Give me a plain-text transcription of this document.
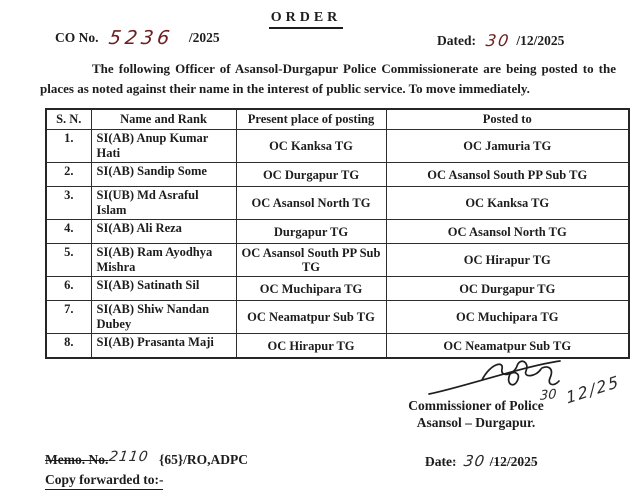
ORDER
CO No. 5236 /2025	Dated: 30 /12/2025
The following Officer of Asansol-Durgapur Police Commissionerate are being posted to the places as noted against their name in the interest of public service. To move immediately.
S. N.	Name and Rank	Present place of posting	Posted to
1.	SI(AB) Anup Kumar Hati	OC Kanksa TG	OC Jamuria TG
2.	SI(AB) Sandip Some	OC Durgapur TG	OC Asansol South PP Sub TG
3.	SI(UB) Md Asraful Islam	OC Asansol North TG	OC Kanksa TG
4.	SI(AB) Ali Reza	Durgapur TG	OC Asansol North TG
5.	SI(AB) Ram Ayodhya Mishra	OC Asansol South PP Sub TG	OC Hirapur TG
6.	SI(AB) Satinath Sil	OC Muchipara TG	OC Durgapur TG
7.	SI(AB) Shiw Nandan Dubey	OC Neamatpur Sub TG	OC Muchipara TG
8.	SI(AB) Prasanta Maji	OC Hirapur TG	OC Neamatpur Sub TG
30 12/25
Commissioner of Police
Asansol – Durgapur.
Memo. No.2110 {65}/RO,ADPC	Date: 30 /12/2025
Copy forwarded to:-
